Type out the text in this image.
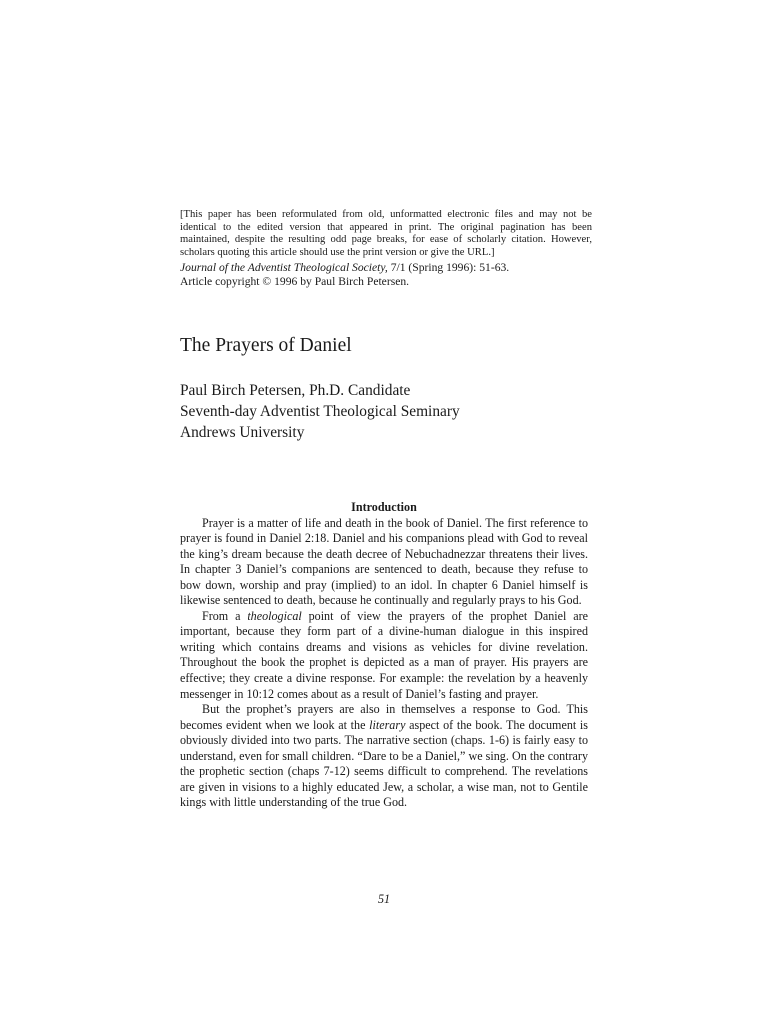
[This paper has been reformulated from old, unformatted electronic files and may not be identical to the edited version that appeared in print. The original pagination has been maintained, despite the resulting odd page breaks, for ease of scholarly citation. However, scholars quoting this article should use the print version or give the URL.]
Journal of the Adventist Theological Society, 7/1 (Spring 1996): 51-63.
Article copyright © 1996 by Paul Birch Petersen.
The Prayers of Daniel
Paul Birch Petersen, Ph.D. Candidate
Seventh-day Adventist Theological Seminary
Andrews University

Introduction

Prayer is a matter of life and death in the book of Daniel. The first reference to prayer is found in Daniel 2:18. Daniel and his companions plead with God to reveal the king’s dream because the death decree of Nebuchadnezzar threatens their lives. In chapter 3 Daniel’s companions are sentenced to death, because they refuse to bow down, worship and pray (implied) to an idol. In chapter 6 Daniel himself is likewise sentenced to death, because he continually and regularly prays to his God.

From a theological point of view the prayers of the prophet Daniel are important, because they form part of a divine-human dialogue in this inspired writing which contains dreams and visions as vehicles for divine revelation. Throughout the book the prophet is depicted as a man of prayer. His prayers are effective; they create a divine response. For example: the revelation by a heavenly messenger in 10:12 comes about as a result of Daniel’s fasting and prayer.

But the prophet’s prayers are also in themselves a response to God. This becomes evident when we look at the literary aspect of the book. The document is obviously divided into two parts. The narrative section (chaps. 1-6) is fairly easy to understand, even for small children. “Dare to be a Daniel,” we sing. On the contrary the prophetic section (chaps 7-12) seems difficult to comprehend. The revelations are given in visions to a highly educated Jew, a scholar, a wise man, not to Gentile kings with little understanding of the true God.

51
